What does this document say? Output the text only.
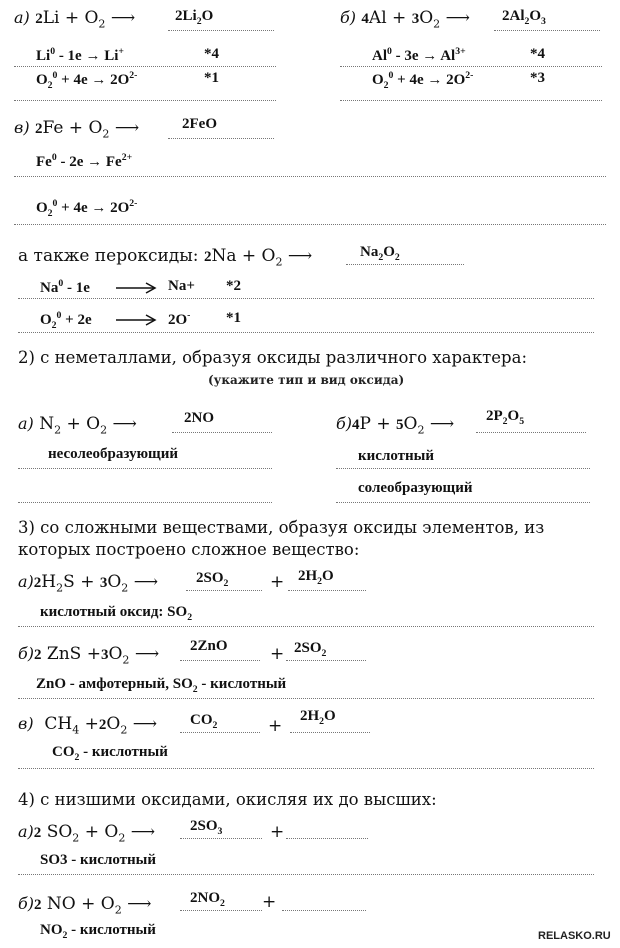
а) $2Li + O_2$ ⟶	$2Li_2O$
Li$^0$ - 1e → Li+	*4
$O_2^0 + 4e \to 2O^{2-}$	*1
б) $4Al + 3O_2$ ⟶ $2Al_2O_3$
$Al^0 - 3e \to Al^{3+}$	*4
$O_2^0 + 4e \to 2O^{2-}$	*3
в) $2Fe + O_2$ ⟶	2FeO
$Fe^0 - 2e \to Fe^{2+}$
$O_2^0 + 4e \to 2O^{2-}$
а также пероксиды: $2Na + O_2$ ⟶	$Na_2O_2$
Na$^0$ - 1e	Na+ *2
$O_2^0 + 2e$	2O- *1
2) с неметаллами, образуя оксиды различного характера:
(укажите тип и вид оксида)
а) $N_2 + O_2$ ⟶	2NO
несолеобразующий
$б)4P + 5O_2$ ⟶ $2P_2O_5$
кислотный
солеобразующий
3) со сложными веществами, образуя оксиды элементов, из
которых построено сложное вещество:
$а)2H_2S + 3O_2$ ⟶	$2SO_2 + 2H_2O$
кислотный оксид: $SO_2$
б)2 ZnS $+3O_2$ ⟶ $2ZnO + 2SO_2$
ZnO - амфотерный, $SO_2$ - кислотный
в) $CH_4 +2O_2$ ⟶ $CO_2$	+ $2H_2O$
$CO_2$ - кислотный
4) с низшими оксидами, окисляя их до высших:
а)2 $SO_2 + O_2$ ⟶ $2SO_3$	+
SO3 - кислотный
б)2 NO + $O_2$ ⟶	$2NO_2$ +
$NO_2$ - кислотный	RELASKO.RU
